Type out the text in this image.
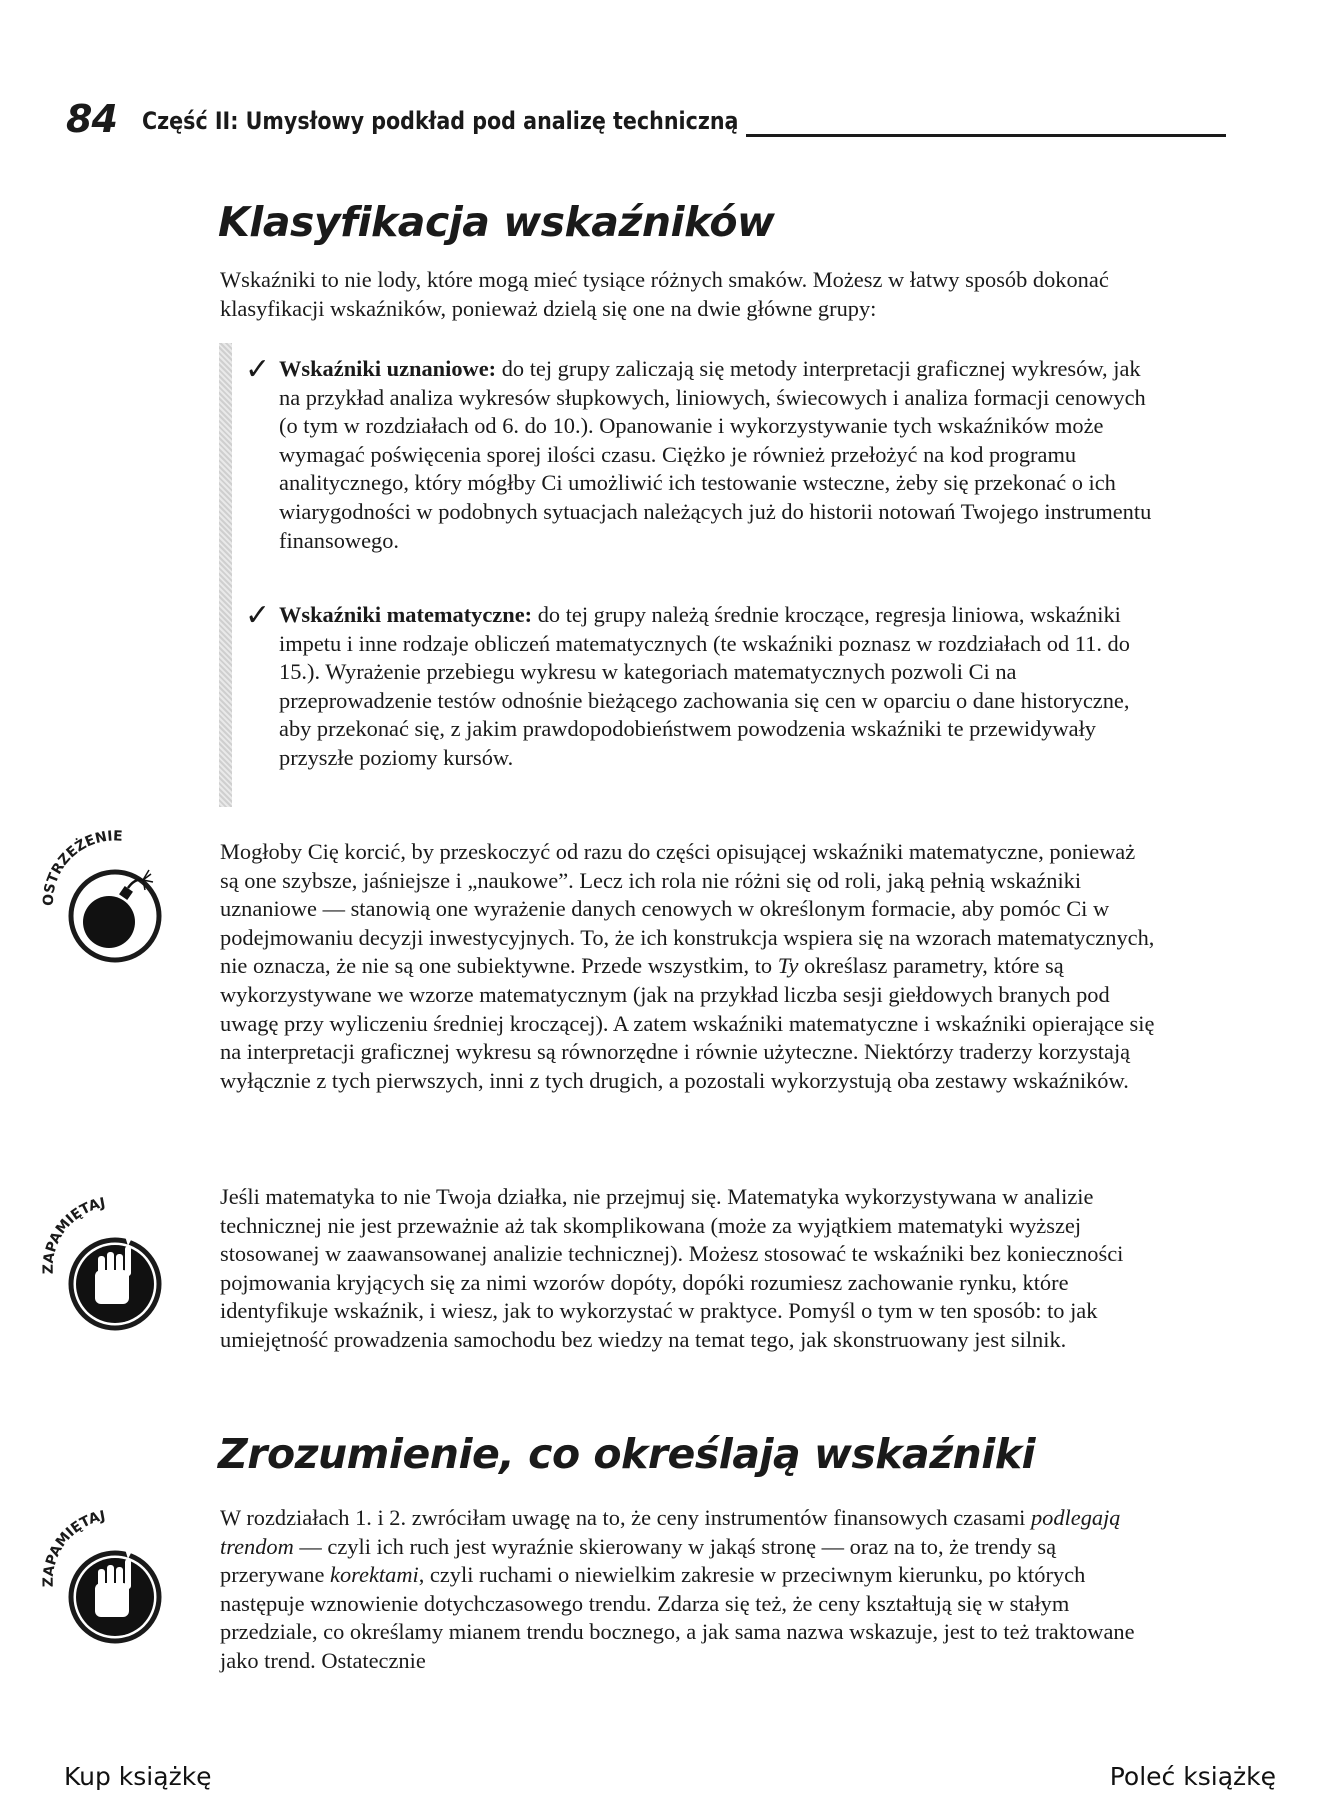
84 Część II: Umysłowy podkład pod analizę techniczną
Klasyfikacja wskaźników

Wskaźniki to nie lody, które mogą mieć tysiące różnych smaków. Możesz w łatwy sposób dokonać klasyfikacji wskaźników, ponieważ dzielą się one na dwie główne grupy:

✓ Wskaźniki uznaniowe: do tej grupy zaliczają się metody interpretacji graficznej wykresów, jak na przykład analiza wykresów słupkowych, liniowych, świecowych i analiza formacji cenowych (o tym w rozdziałach od 6. do 10.). Opanowanie i wykorzystywanie tych wskaźników może wymagać poświęcenia sporej ilości czasu. Ciężko je również przełożyć na kod programu analitycznego, który mógłby Ci umożliwić ich testowanie wsteczne, żeby się przekonać o ich wiarygodności w podobnych sytuacjach należących już do historii notowań Twojego instrumentu finansowego.
✓ Wskaźniki matematyczne: do tej grupy należą średnie kroczące, regresja liniowa, wskaźniki impetu i inne rodzaje obliczeń matematycznych (te wskaźniki poznasz w rozdziałach od 11. do 15.). Wyrażenie przebiegu wykresu w kategoriach matematycznych pozwoli Ci na przeprowadzenie testów odnośnie bieżącego zachowania się cen w oparciu o dane historyczne, aby przekonać się, z jakim prawdopodobieństwem powodzenia wskaźniki te przewidywały przyszłe poziomy kursów.
OSTRZEŻENIE

Mogłoby Cię korcić, by przeskoczyć od razu do części opisującej wskaźniki matematyczne, ponieważ są one szybsze, jaśniejsze i „naukowe”. Lecz ich rola nie różni się od roli, jaką pełnią wskaźniki uznaniowe — stanowią one wyrażenie danych cenowych w określonym formacie, aby pomóc Ci w podejmowaniu decyzji inwestycyjnych. To, że ich konstrukcja wspiera się na wzorach matematycznych, nie oznacza, że nie są one subiektywne. Przede wszystkim, to Ty określasz parametry, które są wykorzystywane we wzorze matematycznym (jak na przykład liczba sesji giełdowych branych pod uwagę przy wyliczeniu średniej kroczącej). A zatem wskaźniki matematyczne i wskaźniki opierające się na interpretacji graficznej wykresu są równorzędne i równie użyteczne. Niektórzy traderzy korzystają wyłącznie z tych pierwszych, inni z tych drugich, a pozostali wykorzystują oba zestawy wskaźników.

ZAPAMIĘTAJ	Jeśli matematyka to nie Twoja działka, nie przejmuj się. Matematyka wykorzystywana w analizie technicznej nie jest przeważnie aż tak skomplikowana (może za wyjątkiem matematyki wyższej stosowanej w zaawansowanej analizie technicznej). Możesz stosować te wskaźniki bez konieczności pojmowania kryjących się za nimi wzorów dopóty, dopóki rozumiesz zachowanie rynku, które identyfikuje wskaźnik, i wiesz, jak to wykorzystać w praktyce. Pomyśl o tym w ten sposób: to jak umiejętność prowadzenia samochodu bez wiedzy na temat tego, jak skonstruowany jest silnik.

Zrozumienie, co określają wskaźniki
ZAPAMIĘTAJ	W rozdziałach 1. i 2. zwróciłam uwagę na to, że ceny instrumentów finansowych czasami podlegają trendom — czyli ich ruch jest wyraźnie skierowany w jakąś stronę — oraz na to, że trendy są przerywane korektami, czyli ruchami o niewielkim zakresie w przeciwnym kierunku, po których następuje wznowienie dotychczasowego trendu. Zdarza się też, że ceny kształtują się w stałym przedziale, co określamy mianem trendu bocznego, a jak sama nazwa wskazuje, jest to też traktowane jako trend. Ostatecznie

Kup książkę	Poleć książkę
